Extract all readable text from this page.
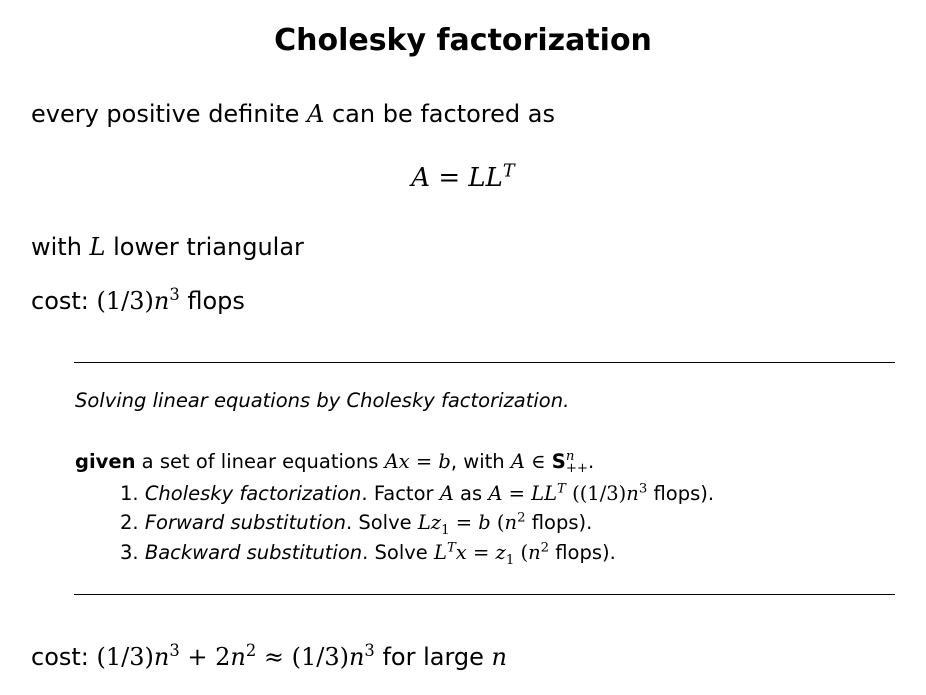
Cholesky factorization
every positive definite A can be factored as
$A = LL^T$
with L lower triangular
cost: $(1/3)n^3$ flops
Solving linear equations by Cholesky factorization.
given a set of linear equations Ax = b, with A ∈ S n
++ .
1. Cholesky factorization. Factor A as $A = LL^T$ ($(1/3)n^3$ flops).
2. Forward substitution. Solve $Lz_1 = b$ ($n^2$ flops).
3. Backward substitution. Solve $L^Tx = z_1$ ($n^2$ flops).
cost: $(1/3)n^3 + 2n^2 \approx (1/3)n^3$ for large n
